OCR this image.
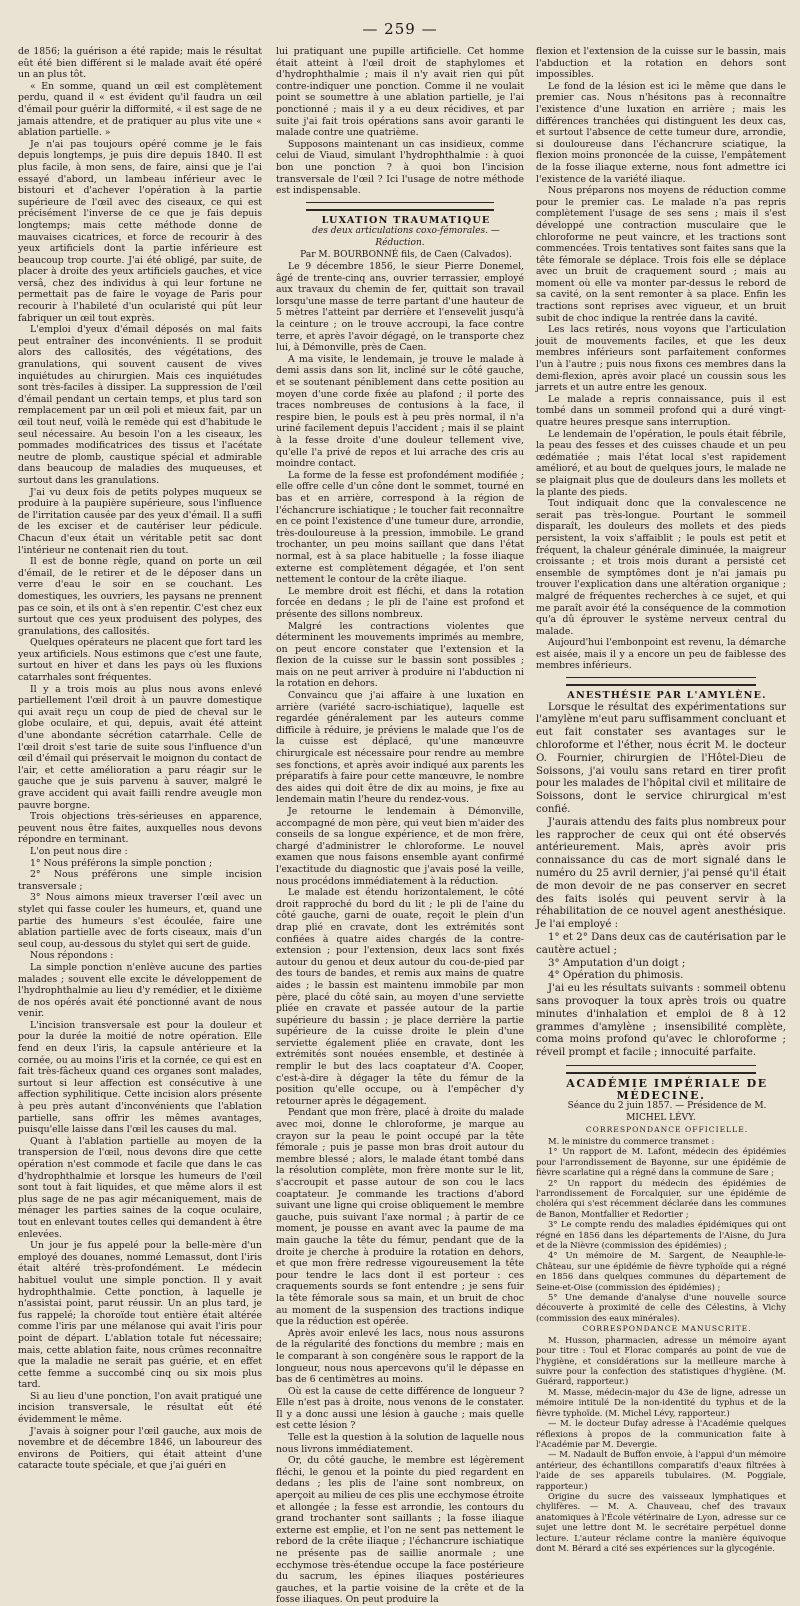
— 259 —

de 1856; la guérison a été rapide; mais le résultat eût été bien différent si le malade avait été opéré un an plus tôt.

« En somme, quand un œil est complètement perdu, quand il « est évident qu'il faudra un œil d'émail pour guérir la difformité, « il est sage de ne jamais attendre, et de pratiquer au plus vite une « ablation partielle. »

Je n'ai pas toujours opéré comme je le fais depuis longtemps, je puis dire depuis 1840. Il est plus facile, à mon sens, de faire, ainsi que je l'ai essayé d'abord, un lambeau inférieur avec le bistouri et d'achever l'opération à la partie supérieure de l'œil avec des ciseaux, ce qui est précisément l'inverse de ce que je fais depuis longtemps; mais cette méthode donne de mauvaises cicatrices, et force de recourir à des yeux artificiels dont la partie inférieure est beaucoup trop courte. J'ai été obligé, par suite, de placer à droite des yeux artificiels gauches, et vice versâ, chez des individus à qui leur fortune ne permettait pas de faire le voyage de Paris pour recourir à l'habileté d'un ocularisté qui pût leur fabriquer un œil tout exprès.

L'emploi d'yeux d'émail déposés on mal faits peut entraîner des inconvénients. Il se produit alors des callosités, des végétations, des granulations, qui souvent causent de vives inquiétudes au chirurgien. Mais ces inquiétudes sont très-faciles à dissiper. La suppression de l'œil d'émail pendant un certain temps, et plus tard son remplacement par un œil poli et mieux fait, par un œil tout neuf, voilà le remède qui est d'habitude le seul nécessaire. Au besoin l'on a les ciseaux, les pommades modificatrices des tissus et l'acétate neutre de plomb, caustique spécial et admirable dans beaucoup de maladies des muqueuses, et surtout dans les granulations.

J'ai vu deux fois de petits polypes muqueux se produire à la paupière supérieure, sous l'influence de l'irritation causée par des yeux d'émail. Il a suffi de les exciser et de cautériser leur pédicule. Chacun d'eux était un véritable petit sac dont l'intérieur ne contenait rien du tout.

Il est de bonne règle, quand on porte un œil d'émail, de le retirer et de le déposer dans un verre d'eau le soir en se couchant. Les domestiques, les ouvriers, les paysans ne prennent pas ce soin, et ils ont à s'en repentir. C'est chez eux surtout que ces yeux produisent des polypes, des granulations, des callosités.

Quelques opérateurs ne placent que fort tard les yeux artificiels. Nous estimons que c'est une faute, surtout en hiver et dans les pays où les fluxions catarrhales sont fréquentes.

Il y a trois mois au plus nous avons enlevé partiellement l'œil droit à un pauvre domestique qui avait reçu un coup de pied de cheval sur le globe oculaire, et qui, depuis, avait été atteint d'une abondante sécrétion catarrhale. Celle de l'œil droit s'est tarie de suite sous l'influence d'un œil d'émail qui préservait le moignon du contact de l'air, et cette amélioration a paru réagir sur le gauche que je suis parvenu à sauver, malgré le grave accident qui avait failli rendre aveugle mon pauvre borgne.

Trois objections très-sérieuses en apparence, peuvent nous être faites, auxquelles nous devons répondre en terminant.

L'on peut nous dire :

1° Nous préférons la simple ponction ;

2° Nous préférons une simple incision transversale ;

3° Nous aimons mieux traverser l'œil avec un stylet qui fasse couler les humeurs, et, quand une partie des humeurs s'est écoulée, faire une ablation partielle avec de forts ciseaux, mais d'un seul coup, au-dessous du stylet qui sert de guide.

Nous répondons :

La simple ponction n'enlève aucune des parties malades ; souvent elle excite le développement de l'hydrophthalmie au lieu d'y remédier, et le dixième de nos opérés avait été ponctionné avant de nous venir.

L'incision transversale est pour la douleur et pour la durée la moitié de notre opération. Elle fend en deux l'iris, la capsule antérieure et la cornée, ou au moins l'iris et la cornée, ce qui est en fait très-fâcheux quand ces organes sont malades, surtout si leur affection est consécutive à une affection syphilitique. Cette incision alors présente à peu près autant d'inconvénients que l'ablation partielle, sans offrir les mêmes avantages, puisqu'elle laisse dans l'œil les causes du mal.

Quant à l'ablation partielle au moyen de la transpersion de l'œil, nous devons dire que cette opération n'est commode et facile que dans le cas d'hydrophthalmie et lorsque les humeurs de l'œil sont tout à fait liquides, et que même alors il est plus sage de ne pas agir mécaniquement, mais de ménager les parties saines de la coque oculaire, tout en enlevant toutes celles qui demandent à être enlevées.

Un jour je fus appelé pour la belle-mère d'un employé des douanes, nommé Lemassut, dont l'iris était altéré très-profondément. Le médecin habituel voulut une simple ponction. Il y avait hydrophthalmie. Cette ponction, à laquelle je n'assistai point, parut réussir. Un an plus tard, je fus rappelé; la choroïde tout entière était altérée comme l'iris par une mélanose qui avait l'iris pour point de départ. L'ablation totale fut nécessaire; mais, cette ablation faite, nous crûmes reconnaître que la maladie ne serait pas guérie, et en effet cette femme a succombé cinq ou six mois plus tard.

Si au lieu d'une ponction, l'on avait pratiqué une incision transversale, le résultat eût été évidemment le même.

J'avais à soigner pour l'œil gauche, aux mois de novembre et de décembre 1846, un laboureur des environs de Poitiers, qui était atteint d'une cataracte toute spéciale, et que j'ai guéri en

lui pratiquant une pupille artificielle. Cet homme était atteint à l'œil droit de staphylomes et d'hydrophthalmie ; mais il n'y avait rien qui pût contre-indiquer une ponction. Comme il ne voulait point se soumettre à une ablation partielle, je l'ai ponctionné ; mais il y a eu deux récidives, et par suite j'ai fait trois opérations sans avoir garanti le malade contre une quatrième.

Supposons maintenant un cas insidieux, comme celui de Viaud, simulant l'hydrophthalmie : à quoi bon une ponction ? à quoi bon l'incision transversale de l'œil ? Ici l'usage de notre méthode est indispensable.

LUXATION TRAUMATIQUE

des deux articulations coxo-fémorales. — Réduction.

Par M. BOURBONNÉ fils, de Caen (Calvados).

Le 9 décembre 1856, le sieur Pierre Donemel, âgé de trente-cinq ans, ouvrier terrassier, employé aux travaux du chemin de fer, quittait son travail lorsqu'une masse de terre partant d'une hauteur de 5 mètres l'atteint par derrière et l'ensevelit jusqu'à la ceinture ; on le trouve accroupi, la face contre terre, et après l'avoir dégagé, on le transporte chez lui, à Démonville, près de Caen.

A ma visite, le lendemain, je trouve le malade à demi assis dans son lit, incliné sur le côté gauche, et se soutenant péniblement dans cette position au moyen d'une corde fixée au plafond ; il porte des traces nombreuses de contusions à la face, il respire bien, le pouls est à peu près normal, il n'a uriné facilement depuis l'accident ; mais il se plaint à la fesse droite d'une douleur tellement vive, qu'elle l'a privé de repos et lui arrache des cris au moindre contact.

La forme de la fesse est profondément modifiée ; elle offre celle d'un cône dont le sommet, tourné en bas et en arrière, correspond à la région de l'échancrure ischiatique ; le toucher fait reconnaître en ce point l'existence d'une tumeur dure, arrondie, très-douloureuse à la pression, immobile. Le grand trochanter, un peu moins saillant que dans l'état normal, est à sa place habituelle ; la fosse iliaque externe est complètement dégagée, et l'on sent nettement le contour de la crête iliaque.

Le membre droit est fléchi, et dans la rotation forcée en dedans ; le pli de l'aine est profond et présente des sillons nombreux.

Malgré les contractions violentes que déterminent les mouvements imprimés au membre, on peut encore constater que l'extension et la flexion de la cuisse sur le bassin sont possibles ; mais on ne peut arriver à produire ni l'abduction ni la rotation en dehors.

Convaincu que j'ai affaire à une luxation en arrière (variété sacro-ischiatique), laquelle est regardée généralement par les auteurs comme difficile à réduire, je préviens le malade que l'os de la cuisse est déplacé, qu'une manœuvre chirurgicale est nécessaire pour rendre au membre ses fonctions, et après avoir indiqué aux parents les préparatifs à faire pour cette manœuvre, le nombre des aides qui doit être de dix au moins, je fixe au lendemain matin l'heure du rendez-vous.

Je retourne le lendemain à Démonville, accompagné de mon père, qui veut bien m'aider des conseils de sa longue expérience, et de mon frère, chargé d'administrer le chloroforme. Le nouvel examen que nous faisons ensemble ayant confirmé l'exactitude du diagnostic que j'avais posé la veille, nous procédons immédiatement à la réduction.

Le malade est étendu horizontalement, le côté droit rapproché du bord du lit ; le pli de l'aine du côté gauche, garni de ouate, reçoit le plein d'un drap plié en cravate, dont les extrémités sont confiées à quatre aides chargés de la contre-extension ; pour l'extension, deux lacs sont fixés autour du genou et deux autour du cou-de-pied par des tours de bandes, et remis aux mains de quatre aides ; le bassin est maintenu immobile par mon père, placé du côté sain, au moyen d'une serviette pliée en cravate et passée autour de la partie supérieure du bassin ; je place derrière la partie supérieure de la cuisse droite le plein d'une serviette également pliée en cravate, dont les extrémités sont nouées ensemble, et destinée à remplir le but des lacs coaptateur d'A. Cooper, c'est-à-dire à dégager la tête du fémur de la position qu'elle occupe, ou à l'empêcher d'y retourner après le dégagement.

Pendant que mon frère, placé à droite du malade avec moi, donne le chloroforme, je marque au crayon sur la peau le point occupé par la tête fémorale ; puis je passe mon bras droit autour du membre blessé ; alors, le malade étant tombé dans la résolution complète, mon frère monte sur le lit, s'accroupit et passe autour de son cou le lacs coaptateur. Je commande les tractions d'abord suivant une ligne qui croise obliquement le membre gauche, puis suivant l'axe normal ; à partir de ce moment, je pousse en avant avec la paume de ma main gauche la tête du fémur, pendant que de la droite je cherche à produire la rotation en dehors, et que mon frère redresse vigoureusement la tête pour tendre le lacs dont il est porteur : ces craquements sourds se font entendre ; je sens fuir la tête fémorale sous sa main, et un bruit de choc au moment de la suspension des tractions indique que la réduction est opérée.

Après avoir enlevé les lacs, nous nous assurons de la régularité des fonctions du membre ; mais en le comparant à son congénère sous le rapport de la longueur, nous nous apercevons qu'il le dépasse en bas de 6 centimètres au moins.

Où est la cause de cette différence de longueur ? Elle n'est pas à droite, nous venons de le constater. Il y a donc aussi une lésion à gauche ; mais quelle est cette lésion ?

Telle est la question à la solution de laquelle nous nous livrons immédiatement.

Or, du côté gauche, le membre est légèrement fléchi, le genou et la pointe du pied regardent en dedans ; les plis de l'aine sont nombreux, on aperçoit au milieu de ces plis une ecchymose étroite et allongée ; la fesse est arrondie, les contours du grand trochanter sont saillants ; la fosse iliaque externe est emplie, et l'on ne sent pas nettement le rebord de la crête iliaque ; l'échancrure ischiatique ne présente pas de saillie anormale ; une ecchymose très-étendue occupe la face postérieure du sacrum, les épines iliaques postérieures gauches, et la partie voisine de la crête et de la fosse iliaques. On peut produire la

flexion et l'extension de la cuisse sur le bassin, mais l'abduction et la rotation en dehors sont impossibles.

Le fond de la lésion est ici le même que dans le premier cas. Nous n'hésitons pas à reconnaître l'existence d'une luxation en arrière ; mais les différences tranchées qui distinguent les deux cas, et surtout l'absence de cette tumeur dure, arrondie, si douloureuse dans l'échancrure sciatique, la flexion moins prononcée de la cuisse, l'empâtement de la fosse iliaque externe, nous font admettre ici l'existence de la variété iliaque.

Nous préparons nos moyens de réduction comme pour le premier cas. Le malade n'a pas repris complètement l'usage de ses sens ; mais il s'est développé une contraction musculaire que le chloroforme ne peut vaincre, et les tractions sont commencées. Trois tentatives sont faites sans que la tête fémorale se déplace. Trois fois elle se déplace avec un bruit de craquement sourd ; mais au moment où elle va monter par-dessus le rebord de sa cavité, on la sent remonter à sa place. Enfin les tractions sont reprises avec vigueur, et un bruit subit de choc indique la rentrée dans la cavité.

Les lacs retirés, nous voyons que l'articulation jouit de mouvements faciles, et que les deux membres inférieurs sont parfaitement conformes l'un à l'autre ; puis nous fixons ces membres dans la demi-flexion, après avoir placé un coussin sous les jarrets et un autre entre les genoux.

Le malade a repris connaissance, puis il est tombé dans un sommeil profond qui a duré vingt-quatre heures presque sans interruption.

Le lendemain de l'opération, le pouls était fébrile, la peau des fesses et des cuisses chaude et un peu œdématiée ; mais l'état local s'est rapidement amélioré, et au bout de quelques jours, le malade ne se plaignait plus que de douleurs dans les mollets et la plante des pieds.

Tout indiquait donc que la convalescence ne serait pas très-longue. Pourtant le sommeil disparaît, les douleurs des mollets et des pieds persistent, la voix s'affaiblit ; le pouls est petit et fréquent, la chaleur générale diminuée, la maigreur croissante ; et trois mois durant a persisté cet ensemble de symptômes dont je n'ai jamais pu trouver l'explication dans une altération organique ; malgré de fréquentes recherches à ce sujet, et qui me paraît avoir été la conséquence de la commotion qu'a dû éprouver le système nerveux central du malade.

Aujourd'hui l'embonpoint est revenu, la démarche est aisée, mais il y a encore un peu de faiblesse des membres inférieurs.

ANESTHÉSIE PAR L'AMYLÈNE.

Lorsque le résultat des expérimentations sur l'amylène m'eut paru suffisamment concluant et eut fait constater ses avantages sur le chloroforme et l'éther, nous écrit M. le docteur O. Fournier, chirurgien de l'Hôtel-Dieu de Soissons, j'ai voulu sans retard en tirer profit pour les malades de l'hôpital civil et militaire de Soissons, dont le service chirurgical m'est confié.

J'aurais attendu des faits plus nombreux pour les rapprocher de ceux qui ont été observés antérieurement. Mais, après avoir pris connaissance du cas de mort signalé dans le numéro du 25 avril dernier, j'ai pensé qu'il était de mon devoir de ne pas conserver en secret des faits isolés qui peuvent servir à la réhabilitation de ce nouvel agent anesthésique. Je l'ai employé :

1° et 2° Dans deux cas de cautérisation par le cautère actuel ;

3° Amputation d'un doigt ;

4° Opération du phimosis.

J'ai eu les résultats suivants : sommeil obtenu sans provoquer la toux après trois ou quatre minutes d'inhalation et emploi de 8 à 12 grammes d'amylène ; insensibilité complète, coma moins profond qu'avec le chloroforme ; réveil prompt et facile ; innocuité parfaite.

ACADÉMIE IMPÉRIALE DE MÉDECINE.

Séance du 2 juin 1857. — Présidence de M. MICHEL LÉVY.

CORRESPONDANCE OFFICIELLE.

M. le ministre du commerce transmet :

1° Un rapport de M. Lafont, médecin des épidémies pour l'arrondissement de Bayonne, sur une épidémie de fièvre scarlatine qui a régné dans la commune de Sare ;

2° Un rapport du médecin des épidémies de l'arrondissement de Forcalquier, sur une épidémie de choléra qui s'est récemment déclarée dans les communes de Banon, Montfallier et Redortier ;

3° Le compte rendu des maladies épidémiques qui ont régné en 1856 dans les départements de l'Aisne, du Jura et de la Nièvre (commission des épidémies) ;

4° Un mémoire de M. Sargent, de Neauphle-le-Château, sur une épidémie de fièvre typhoïde qui a régné en 1856 dans quelques communes du département de Seine-et-Oise (commission des épidémies) ;

5° Une demande d'analyse d'une nouvelle source découverte à proximité de celle des Célestins, à Vichy (commission des eaux minérales).

CORRESPONDANCE MANUSCRITE.

M. Husson, pharmacien, adresse un mémoire ayant pour titre : Toul et Florac comparés au point de vue de l'hygiène, et considérations sur la meilleure marche à suivre pour la confection des statistiques d'hygiène. (M. Guérard, rapporteur.)

M. Masse, médecin-major du 43e de ligne, adresse un mémoire intitulé De la non-identité du typhus et de la fièvre typhoïde. (M. Michel Lévy, rapporteur.)

— M. le docteur Dufay adresse à l'Académie quelques réflexions à propos de la communication faite à l'Académie par M. Devergie.

— M. Nadault de Buffon envoie, à l'appui d'un mémoire antérieur, des échantillons comparatifs d'eaux filtrées à l'aide de ses appareils tubulaires. (M. Poggiale, rapporteur.)

Origine du sucre des vaisseaux lymphatiques et chylifères. — M. A. Chauveau, chef des travaux anatomiques à l'École vétérinaire de Lyon, adresse sur ce sujet une lettre dont M. le secrétaire perpétuel donne lecture. L'auteur réclame contre la manière équivoque dont M. Bérard a cité ses expériences sur la glycogénie.
